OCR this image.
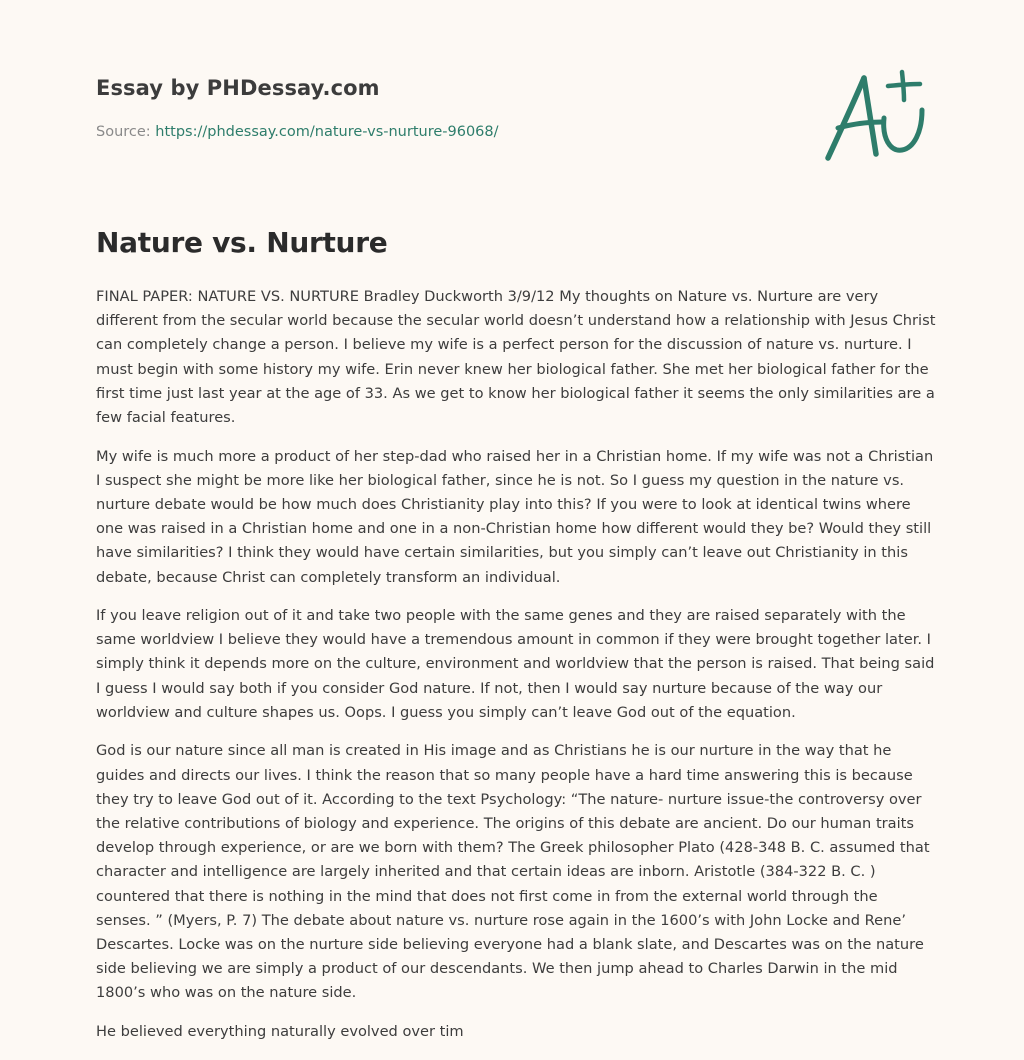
Essay by PHDessay.com
Source: https://phdessay.com/nature-vs-nurture-96068/
Nature vs. Nurture

FINAL PAPER: NATURE VS. NURTURE Bradley Duckworth 3/9/12 My thoughts on Nature vs. Nurture are very different from the secular world because the secular world doesn’t understand how a relationship with Jesus Christ can completely change a person. I believe my wife is a perfect person for the discussion of nature vs. nurture. I must begin with some history my wife. Erin never knew her biological father. She met her biological father for the first time just last year at the age of 33. As we get to know her biological father it seems the only similarities are a few facial features.

My wife is much more a product of her step-dad who raised her in a Christian home. If my wife was not a Christian I suspect she might be more like her biological father, since he is not. So I guess my question in the nature vs. nurture debate would be how much does Christianity play into this? If you were to look at identical twins where one was raised in a Christian home and one in a non-Christian home how different would they be? Would they still have similarities? I think they would have certain similarities, but you simply can’t leave out Christianity in this debate, because Christ can completely transform an individual.

If you leave religion out of it and take two people with the same genes and they are raised separately with the same worldview I believe they would have a tremendous amount in common if they were brought together later. I simply think it depends more on the culture, environment and worldview that the person is raised. That being said I guess I would say both if you consider God nature. If not, then I would say nurture because of the way our worldview and culture shapes us. Oops. I guess you simply can’t leave God out of the equation.

God is our nature since all man is created in His image and as Christians he is our nurture in the way that he guides and directs our lives. I think the reason that so many people have a hard time answering this is because they try to leave God out of it. According to the text Psychology: “The nature- nurture issue-the controversy over the relative contributions of biology and experience. The origins of this debate are ancient. Do our human traits develop through experience, or are we born with them? The Greek philosopher Plato (428-348 B. C. assumed that character and intelligence are largely inherited and that certain ideas are inborn. Aristotle (384-322 B. C. ) countered that there is nothing in the mind that does not first come in from the external world through the senses. ” (Myers, P. 7) The debate about nature vs. nurture rose again in the 1600’s with John Locke and Rene’ Descartes. Locke was on the nurture side believing everyone had a blank slate, and Descartes was on the nature side believing we are simply a product of our descendants. We then jump ahead to Charles Darwin in the mid 1800’s who was on the nature side.

He believed everything naturally evolved over tim
